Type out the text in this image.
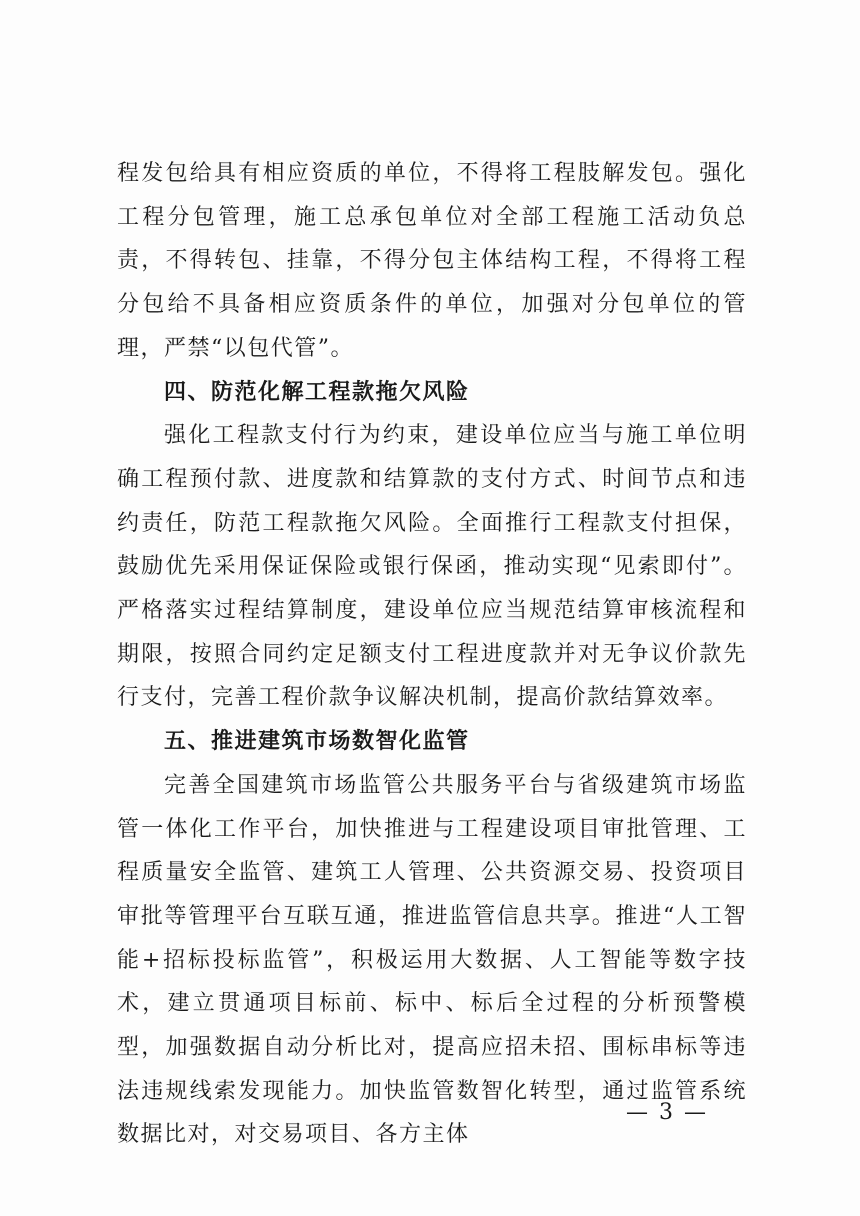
程发包给具有相应资质的单位，不得将工程肢解发包。强化工程分包管理，施工总承包单位对全部工程施工活动负总责，不得转包、挂靠，不得分包主体结构工程，不得将工程分包给不具备相应资质条件的单位，加强对分包单位的管理，严禁“以包代管”。

四、防范化解工程款拖欠风险

强化工程款支付行为约束，建设单位应当与施工单位明确工程预付款、进度款和结算款的支付方式、时间节点和违约责任，防范工程款拖欠风险。全面推行工程款支付担保，鼓励优先采用保证保险或银行保函，推动实现“见索即付”。严格落实过程结算制度，建设单位应当规范结算审核流程和期限，按照合同约定足额支付工程进度款并对无争议价款先行支付，完善工程价款争议解决机制，提高价款结算效率。

五、推进建筑市场数智化监管

完善全国建筑市场监管公共服务平台与省级建筑市场监管一体化工作平台，加快推进与工程建设项目审批管理、工程质量安全监管、建筑工人管理、公共资源交易、投资项目审批等管理平台互联互通，推进监管信息共享。推进“人工智能+招标投标监管”，积极运用大数据、人工智能等数字技术，建立贯通项目标前、标中、标后全过程的分析预警模型，加强数据自动分析比对，提高应招未招、围标串标等违法违规线索发现能力。加快监管数智化转型，通过监管系统数据比对，对交易项目、各方主体

— 3 —
